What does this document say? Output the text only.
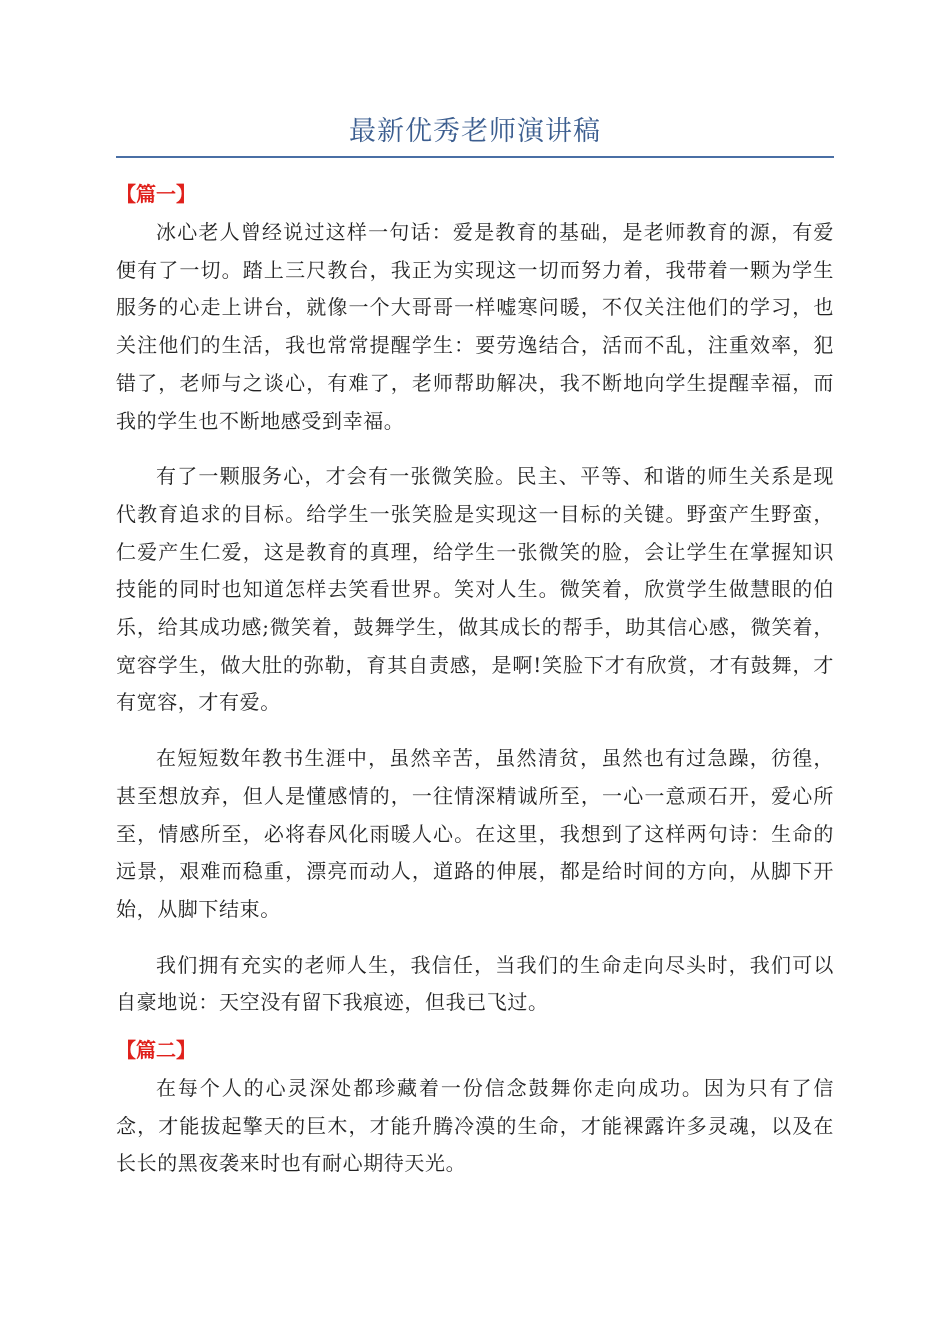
最新优秀老师演讲稿
【篇一】

冰心老人曾经说过这样一句话：爱是教育的基础，是老师教育的源，有爱便有了一切。踏上三尺教台，我正为实现这一切而努力着，我带着一颗为学生服务的心走上讲台，就像一个大哥哥一样嘘寒问暖，不仅关注他们的学习，也关注他们的生活，我也常常提醒学生：要劳逸结合，活而不乱，注重效率，犯错了，老师与之谈心，有难了，老师帮助解决，我不断地向学生提醒幸福，而我的学生也不断地感受到幸福。

有了一颗服务心，才会有一张微笑脸。民主、平等、和谐的师生关系是现代教育追求的目标。给学生一张笑脸是实现这一目标的关键。野蛮产生野蛮，仁爱产生仁爱，这是教育的真理，给学生一张微笑的脸，会让学生在掌握知识技能的同时也知道怎样去笑看世界。笑对人生。微笑着，欣赏学生做慧眼的伯乐，给其成功感;微笑着，鼓舞学生，做其成长的帮手，助其信心感，微笑着，宽容学生，做大肚的弥勒，育其自责感，是啊!笑脸下才有欣赏，才有鼓舞，才有宽容，才有爱。

在短短数年教书生涯中，虽然辛苦，虽然清贫，虽然也有过急躁，彷徨，甚至想放弃，但人是懂感情的，一往情深精诚所至，一心一意顽石开，爱心所至，情感所至，必将春风化雨暖人心。在这里，我想到了这样两句诗：生命的远景，艰难而稳重，漂亮而动人，道路的伸展，都是给时间的方向，从脚下开始，从脚下结束。

我们拥有充实的老师人生，我信任，当我们的生命走向尽头时，我们可以自豪地说：天空没有留下我痕迹，但我已飞过。

【篇二】

在每个人的心灵深处都珍藏着一份信念鼓舞你走向成功。因为只有了信念，才能拔起擎天的巨木，才能升腾冷漠的生命，才能裸露许多灵魂，以及在长长的黑夜袭来时也有耐心期待天光。
